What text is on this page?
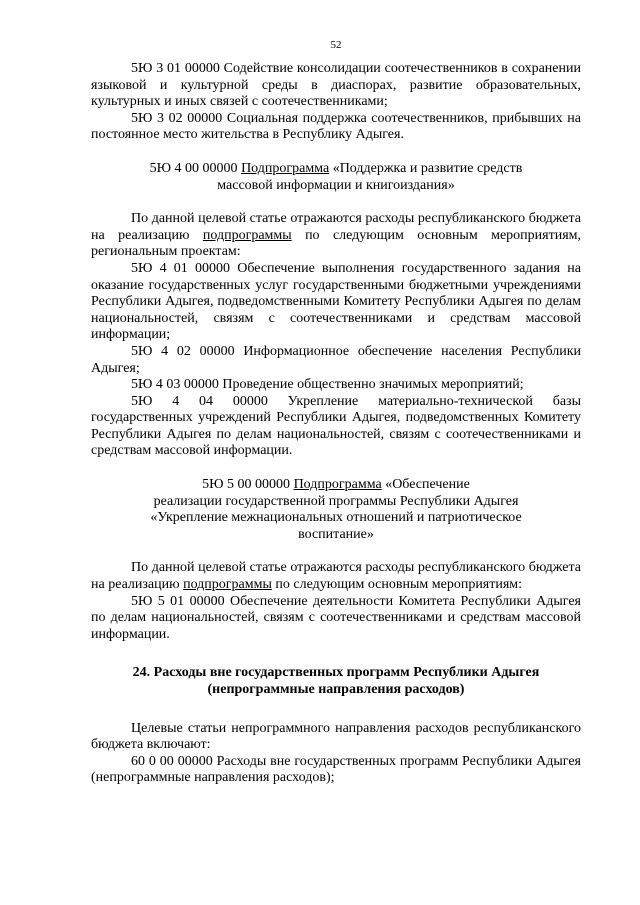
52

5Ю 3 01 00000 Содействие консолидации соотечественников в сохранении языковой и культурной среды в диаспорах, развитие образовательных, культурных и иных связей с соотечественниками;

5Ю 3 02 00000 Социальная поддержка соотечественников, прибывших на постоянное место жительства в Республику Адыгея.

5Ю 4 00 00000 Подпрограмма «Поддержка и развитие средств
массовой информации и книгоиздания»

По данной целевой статье отражаются расходы республиканского бюджета на реализацию подпрограммы по следующим основным мероприятиям, региональным проектам:

5Ю 4 01 00000 Обеспечение выполнения государственного задания на оказание государственных услуг государственными бюджетными учреждениями Республики Адыгея, подведомственными Комитету Республики Адыгея по делам национальностей, связям с соотечественниками и средствам массовой информации;

5Ю 4 02 00000 Информационное обеспечение населения Республики Адыгея;

5Ю 4 03 00000 Проведение общественно значимых мероприятий;

5Ю 4 04 00000 Укрепление материально-технической базы государственных учреждений Республики Адыгея, подведомственных Комитету Республики Адыгея по делам национальностей, связям с соотечественниками и средствам массовой информации.

5Ю 5 00 00000 Подпрограмма «Обеспечение
реализации государственной программы Республики Адыгея
«Укрепление межнациональных отношений и патриотическое
воспитание»

По данной целевой статье отражаются расходы республиканского бюджета на реализацию подпрограммы по следующим основным мероприятиям:

5Ю 5 01 00000 Обеспечение деятельности Комитета Республики Адыгея по делам национальностей, связям с соотечественниками и средствам массовой информации.

24. Расходы вне государственных программ Республики Адыгея
(непрограммные направления расходов)

Целевые статьи непрограммного направления расходов республиканского бюджета включают:

60 0 00 00000 Расходы вне государственных программ Республики Адыгея (непрограммные направления расходов);
